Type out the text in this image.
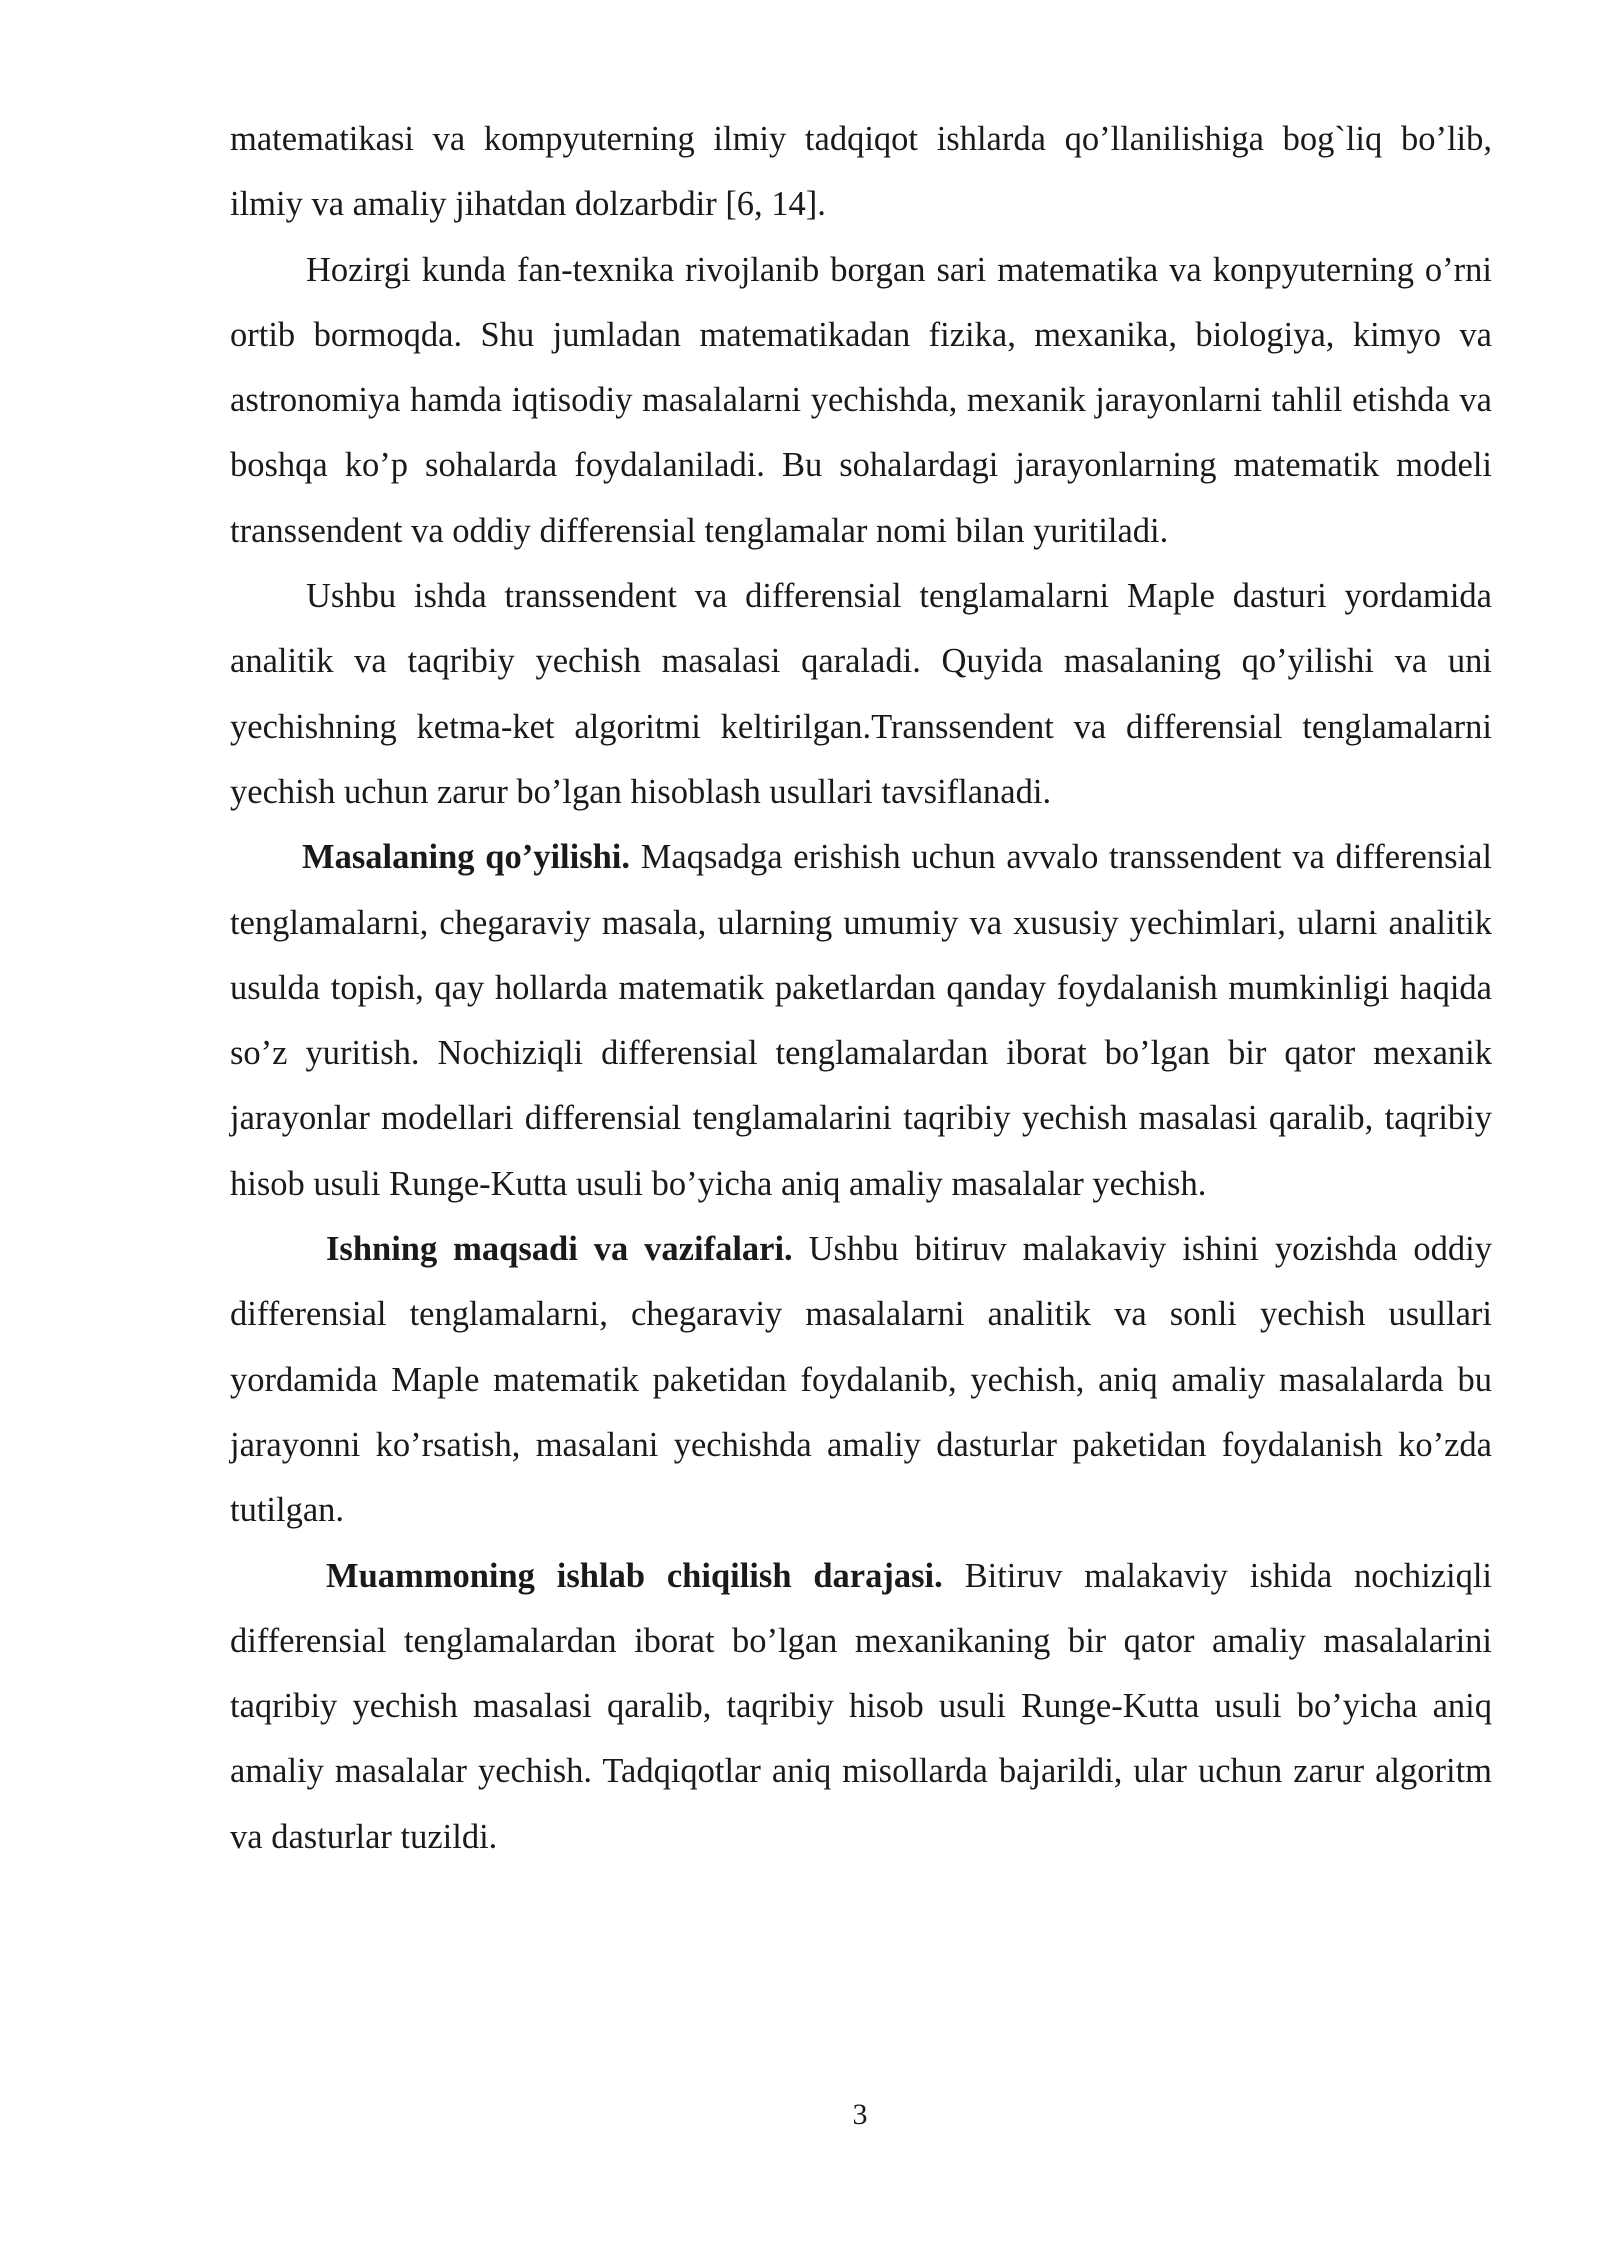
matematikasi va kompyuterning ilmiy tadqiqot ishlarda qo’llanilishiga bog`liq bo’lib, ilmiy va amaliy jihatdan dolzarbdir [6, 14].

Hozirgi kunda fan-texnika rivojlanib borgan sari matematika va konpyuterning o’rni ortib bormoqda. Shu jumladan matematikadan fizika, mexanika, biologiya, kimyo va astronomiya hamda iqtisodiy masalalarni yechishda, mexanik jarayonlarni tahlil etishda va boshqa ko’p sohalarda foydalaniladi. Bu sohalardagi jarayonlarning matematik modeli transsendent va oddiy differensial tenglamalar nomi bilan yuritiladi.

Ushbu ishda transsendent va differensial tenglamalarni Maple dasturi yordamida analitik va taqribiy yechish masalasi qaraladi. Quyida masalaning qo’yilishi va uni yechishning ketma-ket algoritmi keltirilgan.Transsendent va differensial tenglamalarni yechish uchun zarur bo’lgan hisoblash usullari tavsiflanadi.

Masalaning qo’yilishi. Maqsadga erishish uchun avvalo transsendent va differensial tenglamalarni, chegaraviy masala, ularning umumiy va xususiy yechimlari, ularni analitik usulda topish, qay hollarda matematik paketlardan qanday foydalanish mumkinligi haqida so’z yuritish. Nochiziqli differensial tenglamalardan iborat bo’lgan bir qator mexanik jarayonlar modellari differensial tenglamalarini taqribiy yechish masalasi qaralib, taqribiy hisob usuli Runge-Kutta usuli bo’yicha aniq amaliy masalalar yechish.

Ishning maqsadi va vazifalari. Ushbu bitiruv malakaviy ishini yozishda oddiy differensial tenglamalarni, chegaraviy masalalarni analitik va sonli yechish usullari yordamida Maple matematik paketidan foydalanib, yechish, aniq amaliy masalalarda bu jarayonni ko’rsatish, masalani yechishda amaliy dasturlar paketidan foydalanish ko’zda tutilgan.

Muammoning ishlab chiqilish darajasi. Bitiruv malakaviy ishida nochiziqli differensial tenglamalardan iborat bo’lgan mexanikaning bir qator amaliy masalalarini taqribiy yechish masalasi qaralib, taqribiy hisob usuli Runge-Kutta usuli bo’yicha aniq amaliy masalalar yechish. Tadqiqotlar aniq misollarda bajarildi, ular uchun zarur algoritm va dasturlar tuzildi.

3
